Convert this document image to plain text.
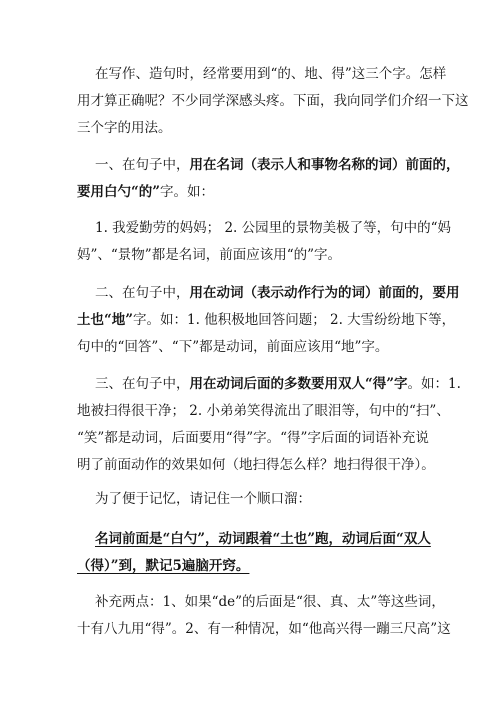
在写作、造句时，经常要用到“的、地、得”这三个字。怎样
用才算正确呢？不少同学深感头疼。下面，我向同学们介绍一下这
三个字的用法。

一、在句子中，用在名词（表示人和事物名称的词）前面的，
要用白勺“的”字。如：

1. 我爱勤劳的妈妈； 2. 公园里的景物美极了等，句中的“妈
妈”、“景物”都是名词，前面应该用“的”字。

二、在句子中，用在动词（表示动作行为的词）前面的，要用
土也“地”字。如：1. 他积极地回答问题； 2. 大雪纷纷地下等，
句中的“回答”、“下”都是动词，前面应该用“地”字。

三、在句子中，用在动词后面的多数要用双人“得”字。如：1.
地被扫得很干净； 2. 小弟弟笑得流出了眼泪等，句中的“扫”、
“笑”都是动词，后面要用“得”字。“得”字后面的词语补充说
明了前面动作的效果如何（地扫得怎么样？地扫得很干净）。

为了便于记忆，请记住一个顺口溜：

名词前面是“白勺”，动词跟着“土也”跑，动词后面“双人
（得）”到，默记5遍脑开窍。

补充两点：1、如果“de”的后面是“很、真、太”等这些词，
十有八九用“得”。2、有一种情况，如“他高兴得一蹦三尺高”这
